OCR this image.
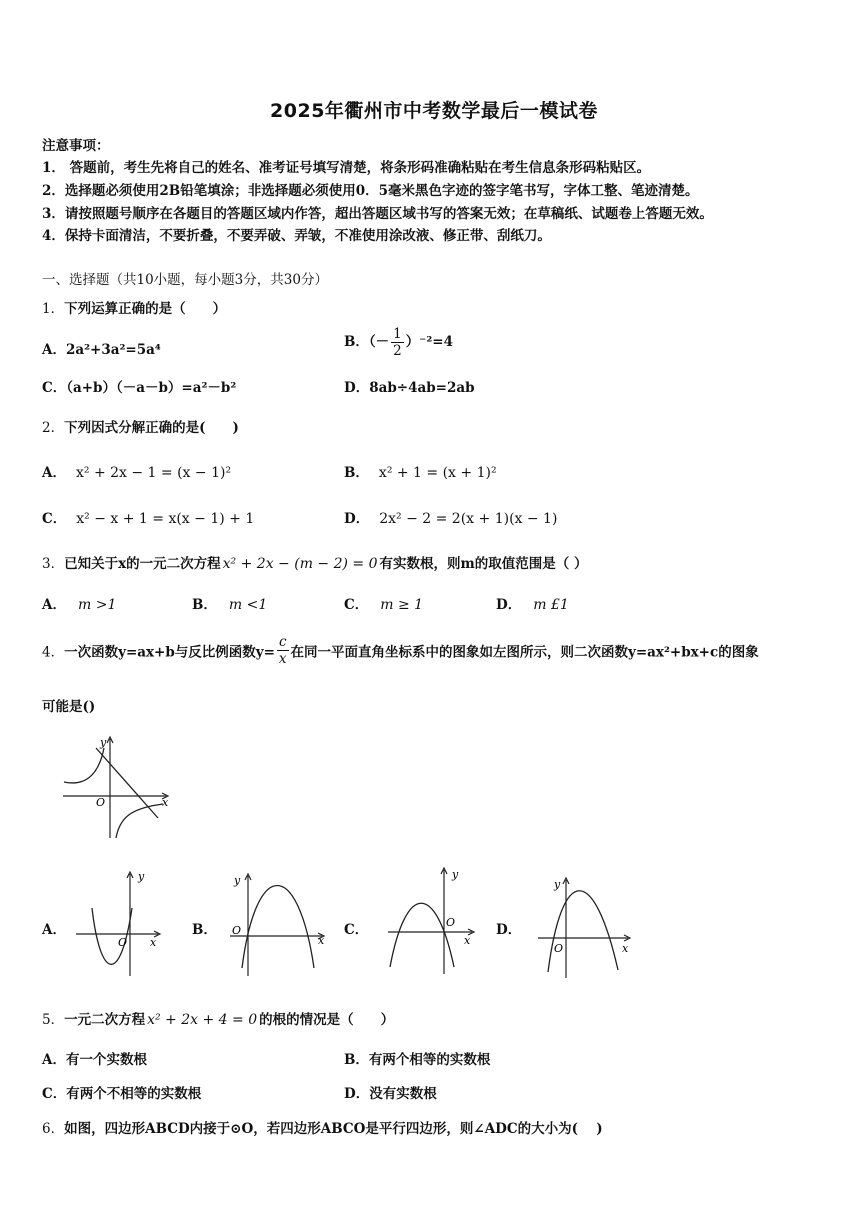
2025年衢州市中考数学最后一模试卷
注意事项：
1． 答题前，考生先将自己的姓名、准考证号填写清楚，将条形码准确粘贴在考生信息条形码粘贴区。
2．选择题必须使用2B铅笔填涂；非选择题必须使用0．5毫米黑色字迹的签字笔书写，字体工整、笔迹清楚。
3．请按照题号顺序在各题目的答题区域内作答，超出答题区域书写的答案无效；在草稿纸、试题卷上答题无效。
4．保持卡面清洁，不要折叠，不要弄破、弄皱，不准使用涂改液、修正带、刮纸刀。
一、选择题（共10小题，每小题3分，共30分）
1．下列运算正确的是（　　）
A．2a²+3a²=5a⁴	B．（－ $\frac{1}{2} )^{-2}=4$
C．（a+b）（－a－b）=a²－b²	D．8ab÷4ab=2ab
2．下列因式分解正确的是(　　)
A． x² + 2x − 1 = (x − 1)²	B． x² + 1 = (x + 1)²
C． x² − x + 1 = x(x − 1) + 1	D． 2x² − 2 = 2(x + 1)(x − 1)
3．已知关于x的一元二次方程 x² + 2x − (m − 2) = 0 有实数根，则m的取值范围是（ ）
A． m >1	B． m <1	C． m ≥ 1	D． m £1
4．一次函数y=ax+b与反比例函数$y= \frac{c}{x}$ 在同一平面直角坐标系中的图象如左图所示，则二次函数y=ax²+bx+c的图象
可能是()
y
x
O
A．
y
x
O
B．
y
x
O	C．
y
x
O	D．
y
x
O
5．一元二次方程 x² + 2x + 4 = 0 的根的情况是（　　）
A．有一个实数根	B．有两个相等的实数根
C．有两个不相等的实数根	D．没有实数根
6．如图，四边形ABCD内接于⊙O，若四边形ABCO是平行四边形，则∠ADC的大小为(　 )
